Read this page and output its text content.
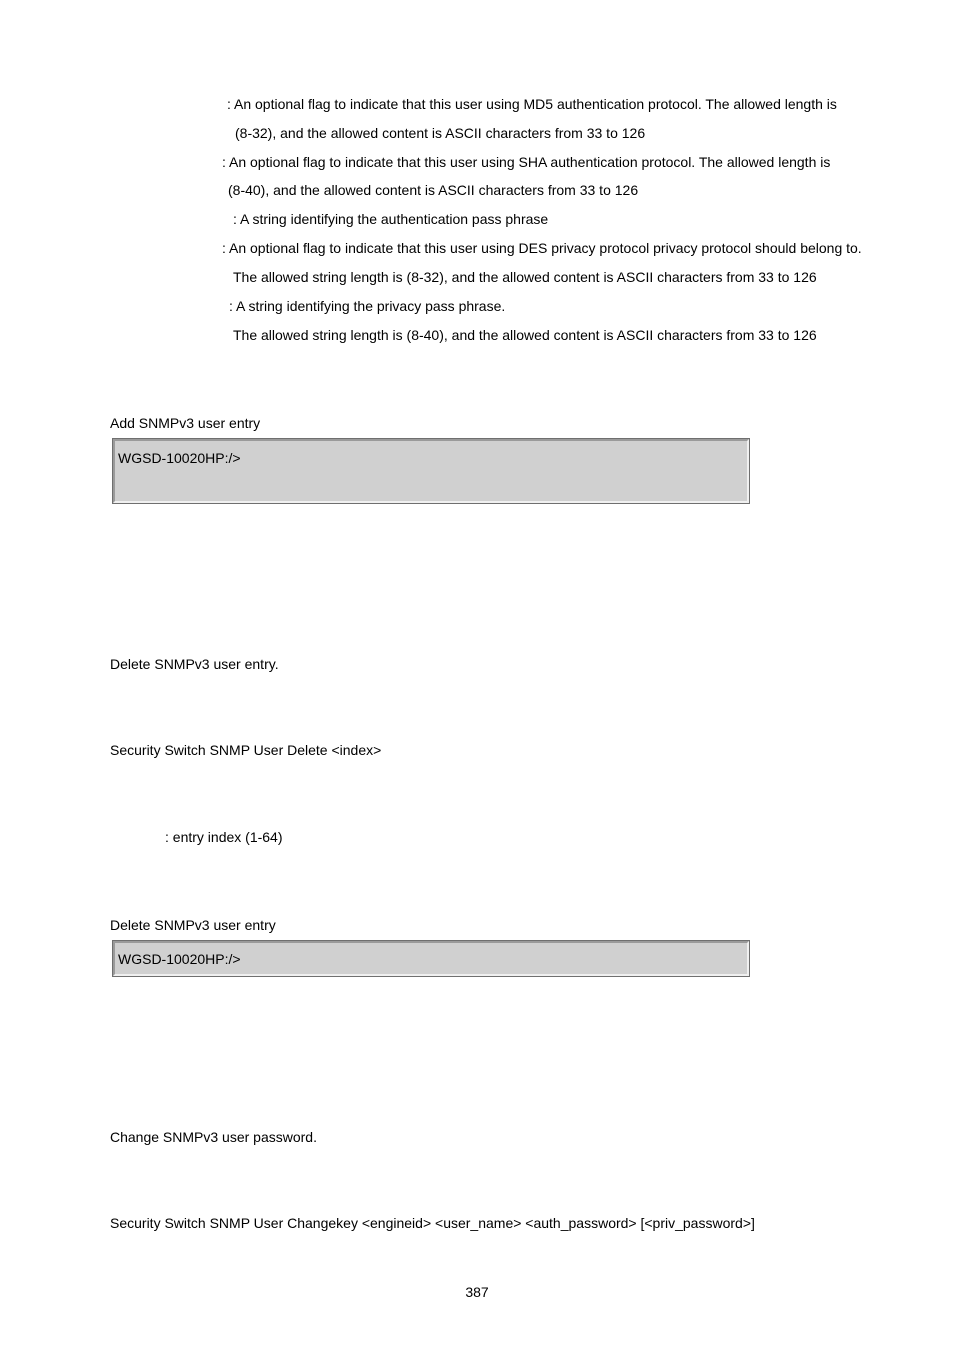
: An optional flag to indicate that this user using MD5 authentication protocol. The allowed length is
(8-32), and the allowed content is ASCII characters from 33 to 126
: An optional flag to indicate that this user using SHA authentication protocol. The allowed length is
(8-40), and the allowed content is ASCII characters from 33 to 126
: A string identifying the authentication pass phrase
: An optional flag to indicate that this user using DES privacy protocol privacy protocol should belong to.
The allowed string length is (8-32), and the allowed content is ASCII characters from 33 to 126
: A string identifying the privacy pass phrase.
The allowed string length is (8-40), and the allowed content is ASCII characters from 33 to 126
Add SNMPv3 user entry
WGSD-10020HP:/>
Delete SNMPv3 user entry.
Security Switch SNMP User Delete <index>
: entry index (1-64)
Delete SNMPv3 user entry
WGSD-10020HP:/>
Change SNMPv3 user password.
Security Switch SNMP User Changekey <engineid> <user_name> <auth_password> [<priv_password>]
387
